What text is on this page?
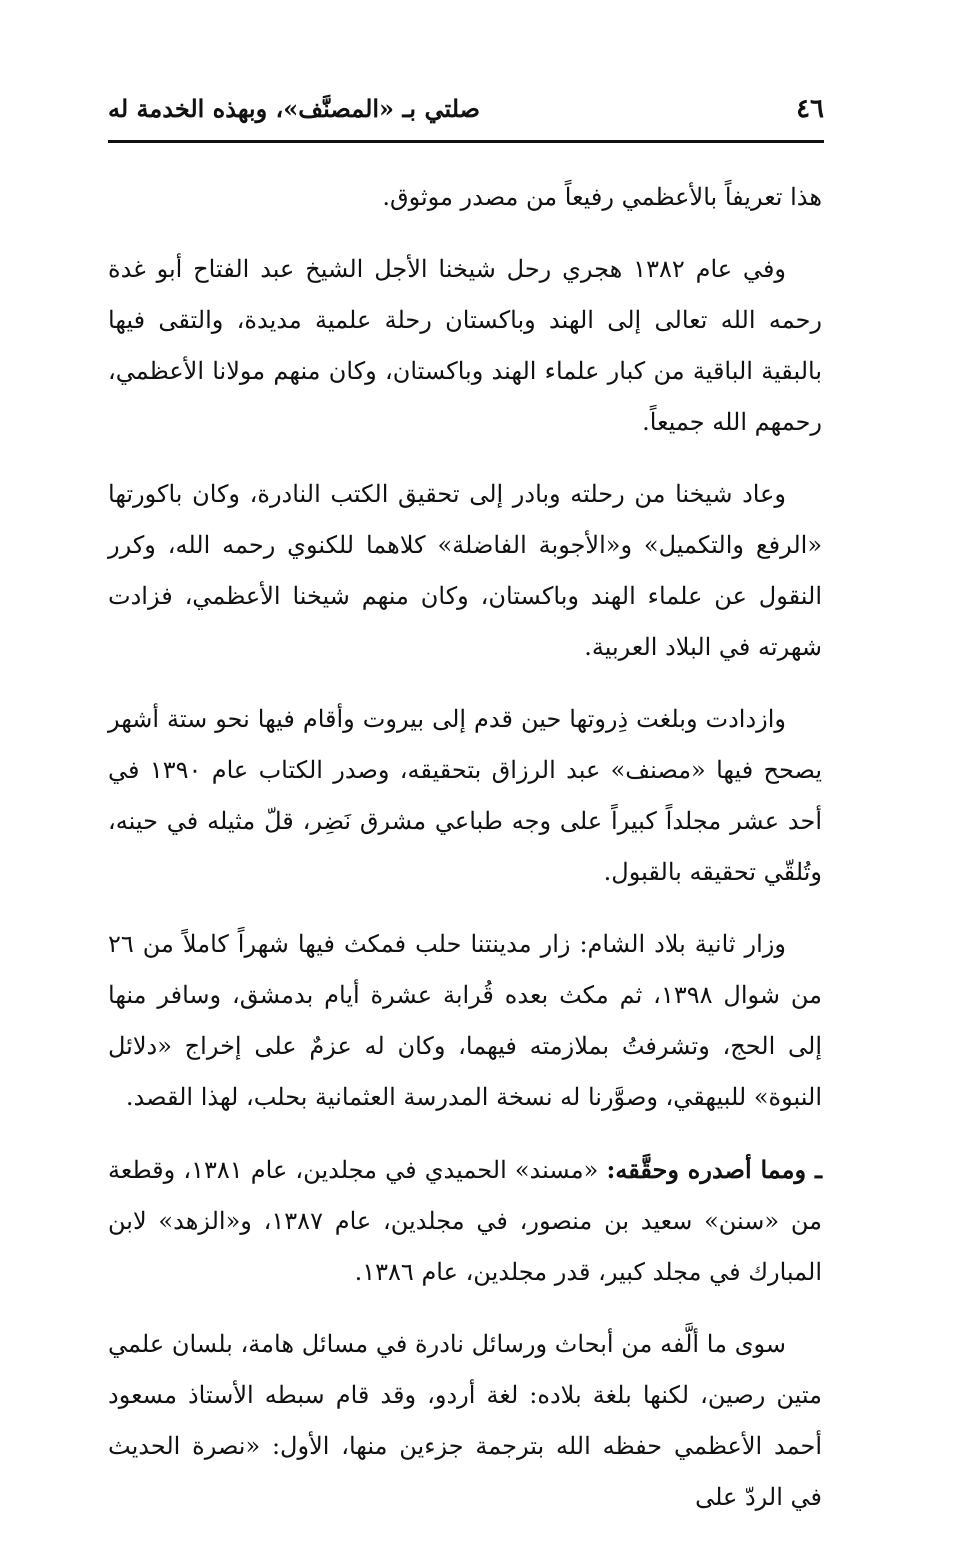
٤٦
صلتي بـ «المصنَّف»، وبهذه الخدمة له

هذا تعريفاً بالأعظمي رفيعاً من مصدر موثوق.

وفي عام ١٣٨٢ هجري رحل شيخنا الأجل الشيخ عبد الفتاح أبو غدة رحمه الله تعالى إلى الهند وباكستان رحلة علمية مديدة، والتقى فيها بالبقية الباقية من كبار علماء الهند وباكستان، وكان منهم مولانا الأعظمي، رحمهم الله جميعاً.

وعاد شيخنا من رحلته وبادر إلى تحقيق الكتب النادرة، وكان باكورتها «الرفع والتكميل» و«الأجوبة الفاضلة» كلاهما للكنوي رحمه الله، وكرر النقول عن علماء الهند وباكستان، وكان منهم شيخنا الأعظمي، فزادت شهرته في البلاد العربية.

وازدادت وبلغت ذِروتها حين قدم إلى بيروت وأقام فيها نحو ستة أشهر يصحح فيها «مصنف» عبد الرزاق بتحقيقه، وصدر الكتاب عام ١٣٩٠ في أحد عشر مجلداً كبيراً على وجه طباعي مشرق نَضِر، قلّ مثيله في حينه، وتُلقّي تحقيقه بالقبول.

وزار ثانية بلاد الشام: زار مدينتنا حلب فمكث فيها شهراً كاملاً من ٢٦ من شوال ١٣٩٨، ثم مكث بعده قُرابة عشرة أيام بدمشق، وسافر منها إلى الحج، وتشرفتُ بملازمته فيهما، وكان له عزمٌ على إخراج «دلائل النبوة» للبيهقي، وصوَّرنا له نسخة المدرسة العثمانية بحلب، لهذا القصد.

ـ ومما أصدره وحقَّقه: «مسند» الحميدي في مجلدين، عام ١٣٨١، وقطعة من «سنن» سعيد بن منصور، في مجلدين، عام ١٣٨٧، و«الزهد» لابن المبارك في مجلد كبير، قدر مجلدين، عام ١٣٨٦.

سوى ما ألَّفه من أبحاث ورسائل نادرة في مسائل هامة، بلسان علمي متين رصين، لكنها بلغة بلاده: لغة أردو، وقد قام سبطه الأستاذ مسعود أحمد الأعظمي حفظه الله بترجمة جزءين منها، الأول: «نصرة الحديث في الردّ على
